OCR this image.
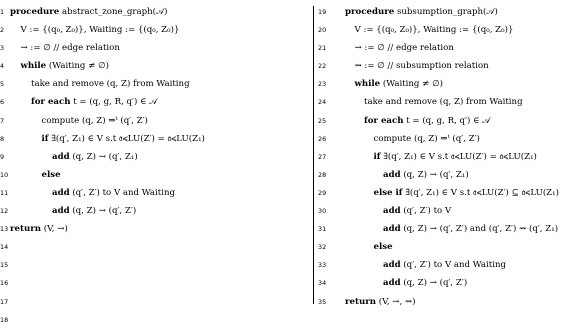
1 procedure abstract_zone_graph(𝒜)
2	V := {(q₀, Z₀)}, Waiting := {(q₀, Z₀)}
3	→ := ∅ // edge relation
4	while (Waiting ≠ ∅)
5	take and remove (q, Z) from Waiting
6	for each t = (q, g, R, q′) ∈ 𝒜
7	compute (q, Z) ⇒ᵗ (q′, Z′)
8	if ∃(q′, Z₁) ∈ V s.t 𝔞≼LU(Z′) = 𝔞≼LU(Z₁)
9	add (q, Z) → (q′, Z₁)
10	else
11	add (q′, Z′) to V and Waiting
12	add (q, Z) → (q′, Z′)
13 return (V, →)
14
15
16
17
18
19	procedure subsumption_graph(𝒜)
20	V := {(q₀, Z₀)}, Waiting := {(q₀, Z₀)}
21	→ := ∅ // edge relation
22	⇝ := ∅ // subsumption relation
23	while (Waiting ≠ ∅)
24	take and remove (q, Z) from Waiting
25	for each t = (q, g, R, q′) ∈ 𝒜
26	compute (q, Z) ⇒ᵗ (q′, Z′)
27	if ∃(q′, Z₁) ∈ V s.t 𝔞≼LU(Z′) = 𝔞≼LU(Z₁)
28	add (q, Z) → (q′, Z₁)
29	else if ∃(q′, Z₁) ∈ V s.t 𝔞≼LU(Z′) ⊆ 𝔞≼LU(Z₁)
30	add (q′, Z′) to V
31	add (q, Z) → (q′, Z′) and (q′, Z′) ⇝ (q′, Z₁)
32	else
33	add (q′, Z′) to V and Waiting
34	add (q, Z) → (q′, Z′)
35	return (V, →, ⇝)
